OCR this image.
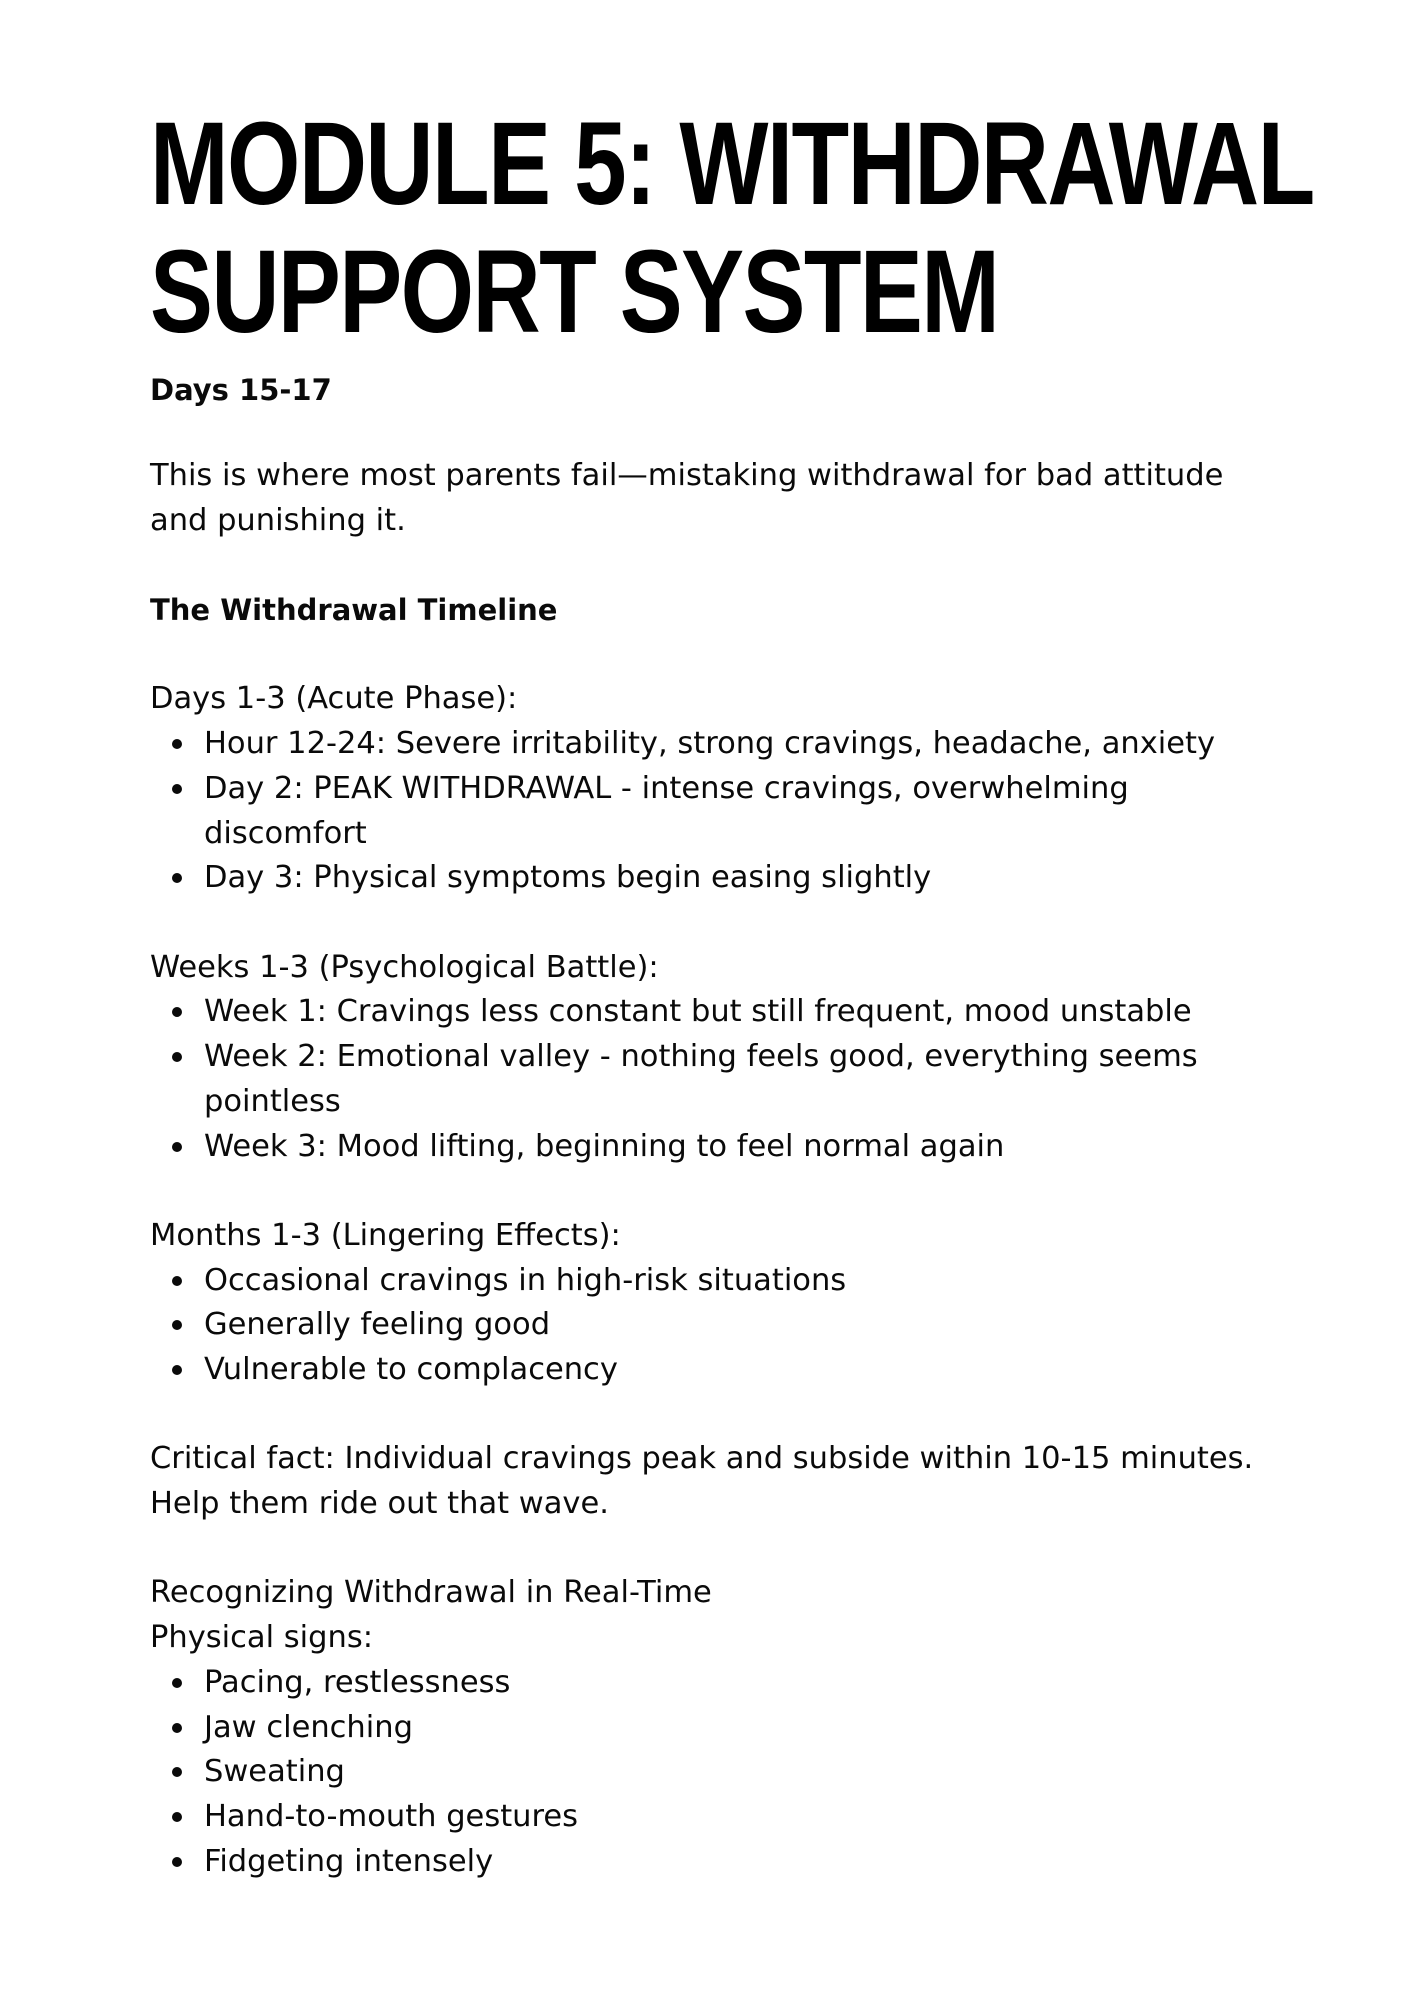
MODULE 5: WITHDRAWAL
SUPPORT SYSTEM
Days 15-17

This is where most parents fail—mistaking withdrawal for bad attitude and punishing it.

The Withdrawal Timeline

Days 1-3 (Acute Phase):

Hour 12-24: Severe irritability, strong cravings, headache, anxiety
Day 2: PEAK WITHDRAWAL - intense cravings, overwhelming discomfort
Day 3: Physical symptoms begin easing slightly

Weeks 1-3 (Psychological Battle):

Week 1: Cravings less constant but still frequent, mood unstable
Week 2: Emotional valley - nothing feels good, everything seems pointless
Week 3: Mood lifting, beginning to feel normal again

Months 1-3 (Lingering Effects):

Occasional cravings in high-risk situations
Generally feeling good
Vulnerable to complacency

Critical fact: Individual cravings peak and subside within 10-15 minutes. Help them ride out that wave.

Recognizing Withdrawal in Real-Time

Physical signs:

Pacing, restlessness
Jaw clenching
Sweating
Hand-to-mouth gestures
Fidgeting intensely
